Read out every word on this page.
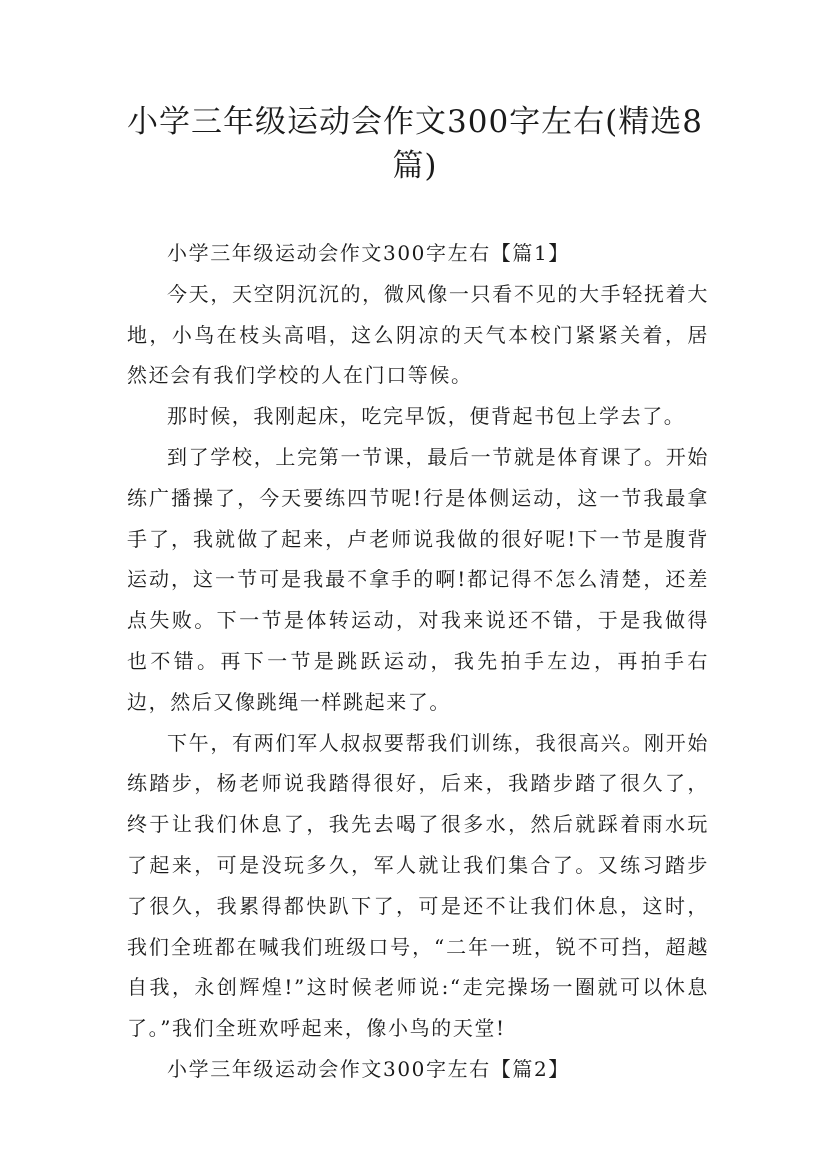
小学三年级运动会作文300字左右(精选8篇)
小学三年级运动会作文300字左右【篇1】

今天，天空阴沉沉的，微风像一只看不见的大手轻抚着大地，小鸟在枝头高唱，这么阴凉的天气本校门紧紧关着，居然还会有我们学校的人在门口等候。

那时候，我刚起床，吃完早饭，便背起书包上学去了。

到了学校，上完第一节课，最后一节就是体育课了。开始练广播操了，今天要练四节呢!行是体侧运动，这一节我最拿手了，我就做了起来，卢老师说我做的很好呢!下一节是腹背运动，这一节可是我最不拿手的啊!都记得不怎么清楚，还差点失败。下一节是体转运动，对我来说还不错，于是我做得也不错。再下一节是跳跃运动，我先拍手左边，再拍手右边，然后又像跳绳一样跳起来了。

下午，有两们军人叔叔要帮我们训练，我很高兴。刚开始练踏步，杨老师说我踏得很好，后来，我踏步踏了很久了，终于让我们休息了，我先去喝了很多水，然后就踩着雨水玩了起来，可是没玩多久，军人就让我们集合了。又练习踏步了很久，我累得都快趴下了，可是还不让我们休息，这时，我们全班都在喊我们班级口号，“二年一班，锐不可挡，超越自我，永创辉煌!”这时候老师说:“走完操场一圈就可以休息了。”我们全班欢呼起来，像小鸟的天堂!

小学三年级运动会作文300字左右【篇2】
